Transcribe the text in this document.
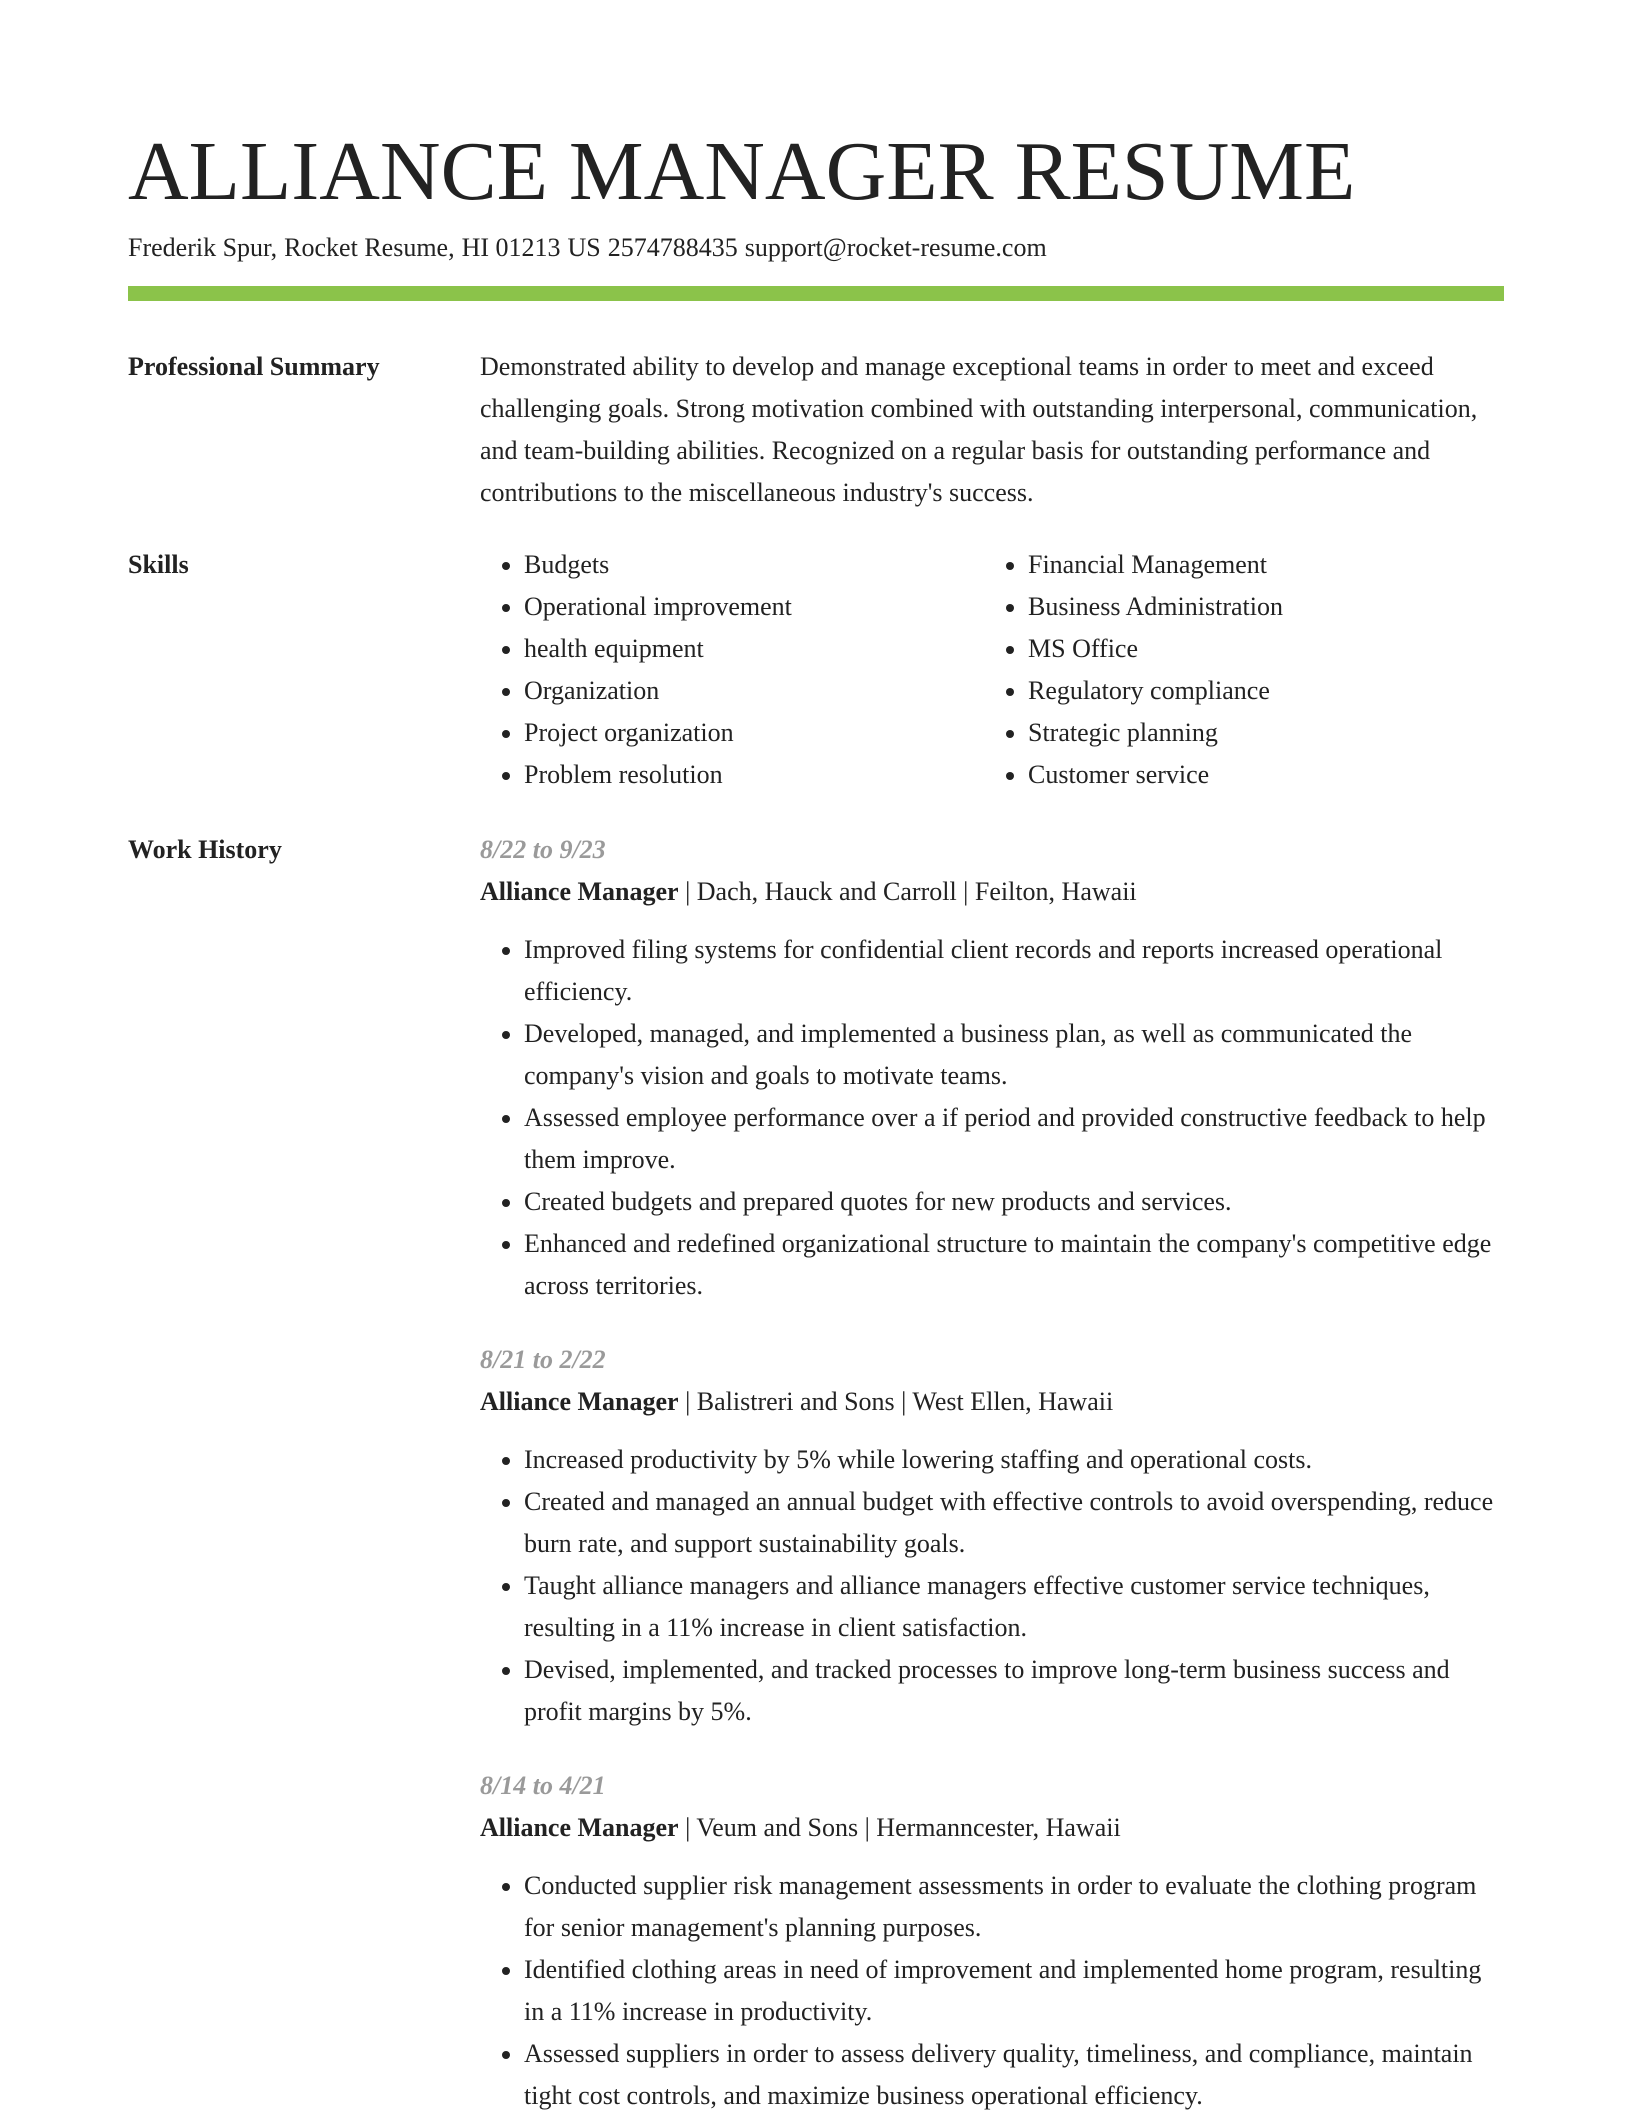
ALLIANCE MANAGER RESUME
Frederik Spur, Rocket Resume, HI 01213 US 2574788435 support@rocket-resume.com
Professional Summary	Demonstrated ability to develop and manage exceptional teams in order to meet and exceed challenging goals. Strong motivation combined with outstanding interpersonal, communication, and team-building abilities. Recognized on a regular basis for outstanding performance and contributions to the miscellaneous industry's success.

Skills
•	Budgets
• Operational improvement
• health equipment
• Organization
• Project organization
• Problem resolution
• Financial Management
• Business Administration
• MS Office
• Regulatory compliance
• Strategic planning
• Customer service
Work History	8/22 to 9/23
Alliance Manager | Dach, Hauck and Carroll | Feilton, Hawaii
• Improved filing systems for confidential client records and reports increased operational efficiency.
• Developed, managed, and implemented a business plan, as well as communicated the company's vision and goals to motivate teams.
• Assessed employee performance over a if period and provided constructive feedback to help them improve.
• Created budgets and prepared quotes for new products and services.
• Enhanced and redefined organizational structure to maintain the company's competitive edge across territories.
8/21 to 2/22
Alliance Manager | Balistreri and Sons | West Ellen, Hawaii
• Increased productivity by 5% while lowering staffing and operational costs.
• Created and managed an annual budget with effective controls to avoid overspending, reduce burn rate, and support sustainability goals.
• Taught alliance managers and alliance managers effective customer service techniques, resulting in a 11% increase in client satisfaction.
• Devised, implemented, and tracked processes to improve long-term business success and profit margins by 5%.
8/14 to 4/21
Alliance Manager | Veum and Sons | Hermanncester, Hawaii
• Conducted supplier risk management assessments in order to evaluate the clothing program for senior management's planning purposes.
• Identified clothing areas in need of improvement and implemented home program, resulting in a 11% increase in productivity.
• Assessed suppliers in order to assess delivery quality, timeliness, and compliance, maintain tight cost controls, and maximize business operational efficiency.
